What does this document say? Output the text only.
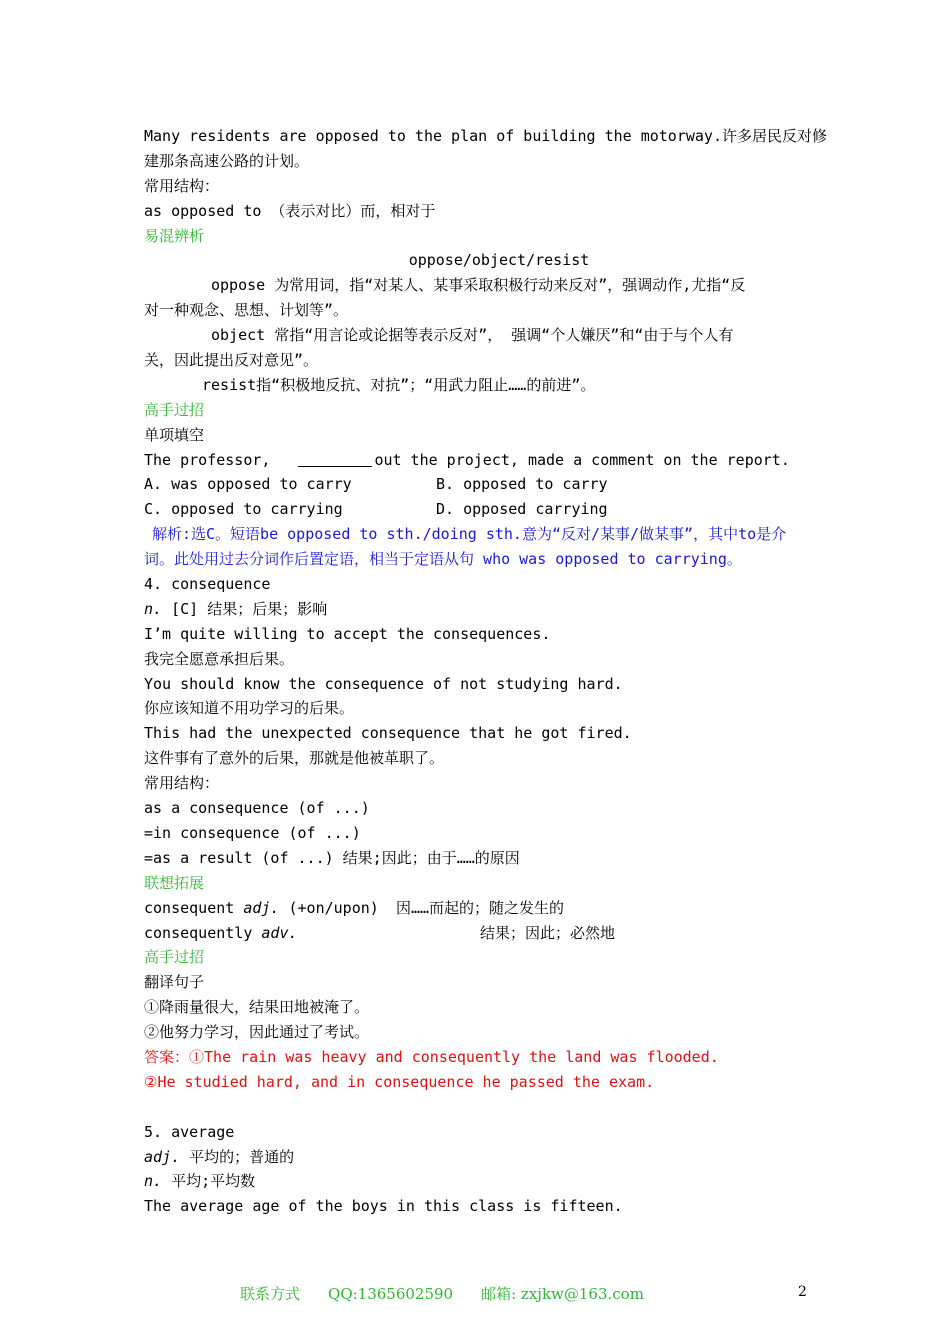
Many residents are opposed to the plan of building the motorway.许多居民反对修
建那条高速公路的计划。
常用结构：
as opposed to （表示对比）而，相对于
易混辨析
oppose/object/resist
oppose 为常用词，指“对某人、某事采取积极行动来反对”，强调动作,尤指“反
对一种观念、思想、计划等”。
object 常指“用言论或论据等表示反对”， 强调“个人嫌厌”和“由于与个人有
关，因此提出反对意见”。
resist指“积极地反抗、对抗”；“用武力阻止……的前进”。
高手过招
单项填空
The professor,	out the project, made a comment on the report.
A. was opposed to carry	B. opposed to carry
C. opposed to carrying	D. opposed carrying
解析:选C。短语be opposed to sth./doing sth.意为“反对/某事/做某事”，其中to是介
词。此处用过去分词作后置定语，相当于定语从句 who was opposed to carrying。
4. consequence
n. [C] 结果；后果；影响
I’m quite willing to accept the consequences.
我完全愿意承担后果。
You should know the consequence of not studying hard.
你应该知道不用功学习的后果。
This had the unexpected consequence that he got fired.
这件事有了意外的后果，那就是他被革职了。
常用结构：
as a consequence (of ...)
=in consequence (of ...)
=as a result (of ...) 结果;因此；由于……的原因
联想拓展
consequent adj. (+on/upon) 因……而起的；随之发生的
consequently adv.	结果；因此；必然地
高手过招
翻译句子
①降雨量很大，结果田地被淹了。
②他努力学习，因此通过了考试。
答案：①The rain was heavy and consequently the land was flooded.
②He studied hard, and in consequence he passed the exam.
5. average
adj. 平均的；普通的
n. 平均;平均数
The average age of the boys in this class is fifteen.
联系方式 QQ:1365602590 邮箱: zxjkw@163.com	2
